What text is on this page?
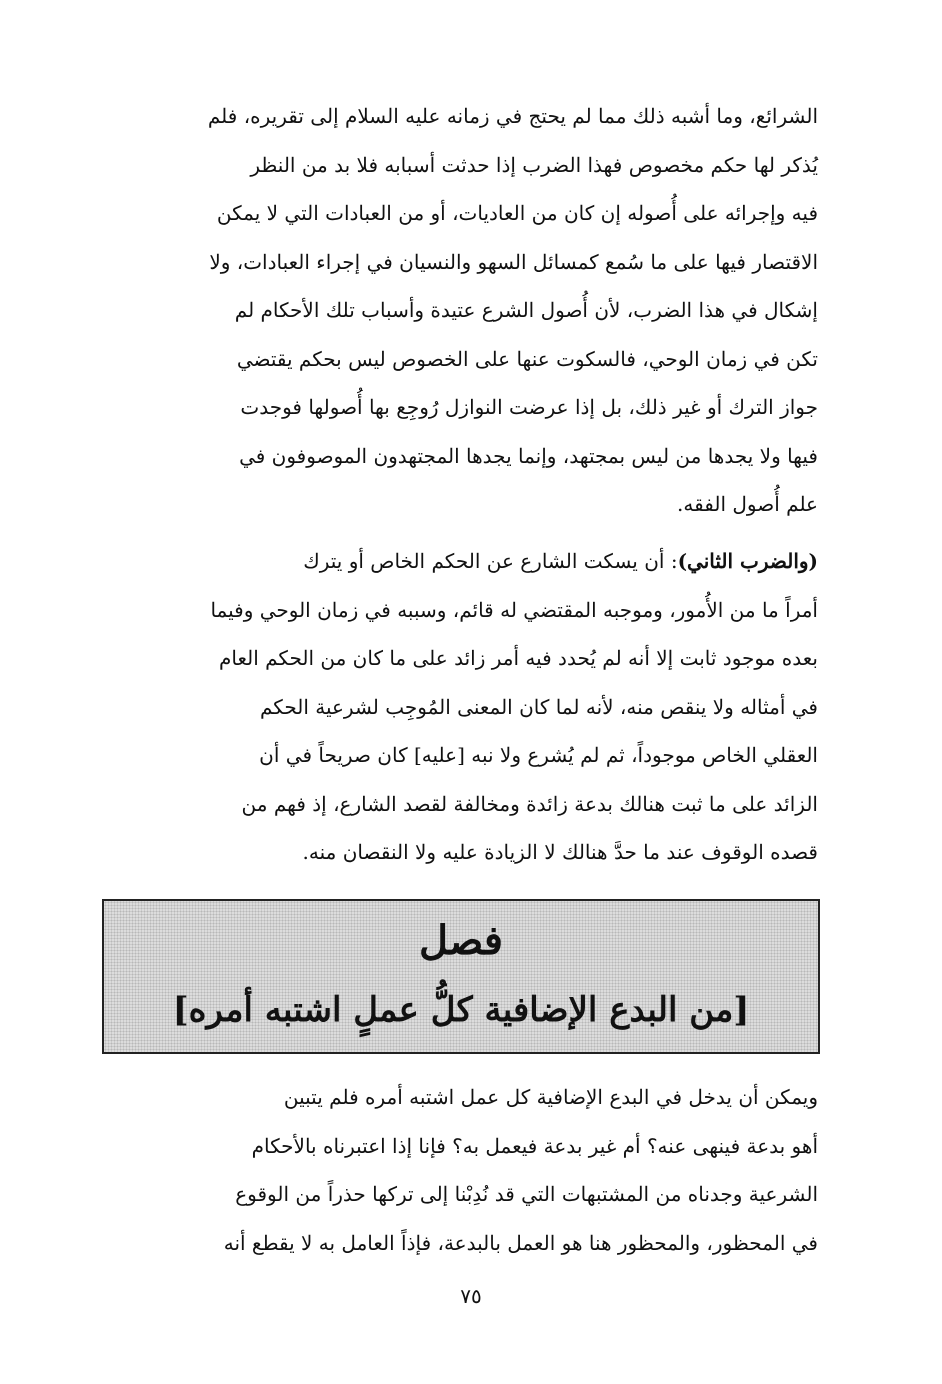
الشرائع، وما أشبه ذلك مما لم يحتج في زمانه عليه السلام إلى تقريره، فلم

يُذكر لها حكم مخصوص فهذا الضرب إذا حدثت أسبابه فلا بد من النظر

فيه وإجرائه على أُصوله إن كان من العاديات، أو من العبادات التي لا يمكن

الاقتصار فيها على ما سُمع كمسائل السهو والنسيان في إجراء العبادات، ولا

إشكال في هذا الضرب، لأن أُصول الشرع عتيدة وأسباب تلك الأحكام لم

تكن في زمان الوحي، فالسكوت عنها على الخصوص ليس بحكم يقتضي

جواز الترك أو غير ذلك، بل إذا عرضت النوازل رُوجِع بها أُصولها فوجدت

فيها ولا يجدها من ليس بمجتهد، وإنما يجدها المجتهدون الموصوفون في

علم أُصول الفقه.

(والضرب الثاني): أن يسكت الشارع عن الحكم الخاص أو يترك

أمراً ما من الأُمور، وموجبه المقتضي له قائم، وسببه في زمان الوحي وفيما

بعده موجود ثابت إلا أنه لم يُحدد فيه أمر زائد على ما كان من الحكم العام

في أمثاله ولا ينقص منه، لأنه لما كان المعنى المُوجِب لشرعية الحكم

العقلي الخاص موجوداً، ثم لم يُشرع ولا نبه [عليه] كان صريحاً في أن

الزائد على ما ثبت هنالك بدعة زائدة ومخالفة لقصد الشارع، إذ فهم من

قصده الوقوف عند ما حدَّ هنالك لا الزيادة عليه ولا النقصان منه.

فصل
[من البدع الإضافية كلُّ عملٍ اشتبه أمره]

ويمكن أن يدخل في البدع الإضافية كل عمل اشتبه أمره فلم يتبين

أهو بدعة فينهى عنه؟ أم غير بدعة فيعمل به؟ فإنا إذا اعتبرناه بالأحكام

الشرعية وجدناه من المشتبهات التي قد نُدِبْنا إلى تركها حذراً من الوقوع

في المحظور، والمحظور هنا هو العمل بالبدعة، فإذاً العامل به لا يقطع أنه

٧٥
